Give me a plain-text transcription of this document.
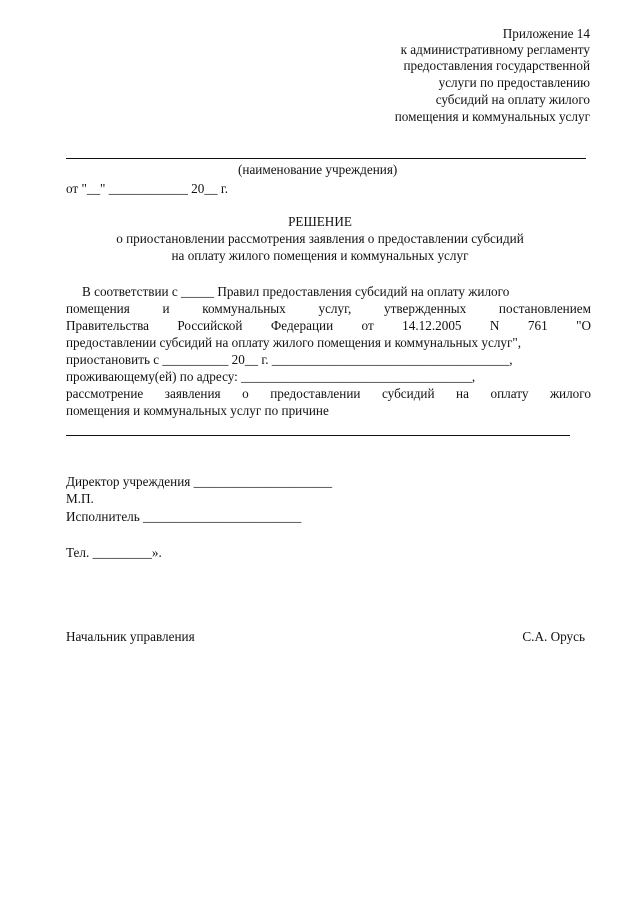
Приложение 14
к административному регламенту
предоставления государственной
услуги по предоставлению
субсидий на оплату жилого
помещения и коммунальных услуг
(наименование учреждения)
от "__" ____________ 20__ г.
РЕШЕНИЕ
о приостановлении рассмотрения заявления о предоставлении субсидий
на оплату жилого помещения и коммунальных услуг
В соответствии с _____ Правил предоставления субсидий на оплату жилого
помещения и коммунальных услуг, утвержденных постановлением
Правительства Российской Федерации от 14.12.2005 N 761 "О
предоставлении субсидий на оплату жилого помещения и коммунальных услуг",
приостановить с __________ 20__ г. ____________________________________,
проживающему(ей) по адресу: ___________________________________,
рассмотрение заявления о предоставлении субсидий на оплату жилого
помещения и коммунальных услуг по причине
Директор учреждения _____________________
М.П.
Исполнитель ________________________
Тел. _________».
Начальник управления	С.А. Орусь
